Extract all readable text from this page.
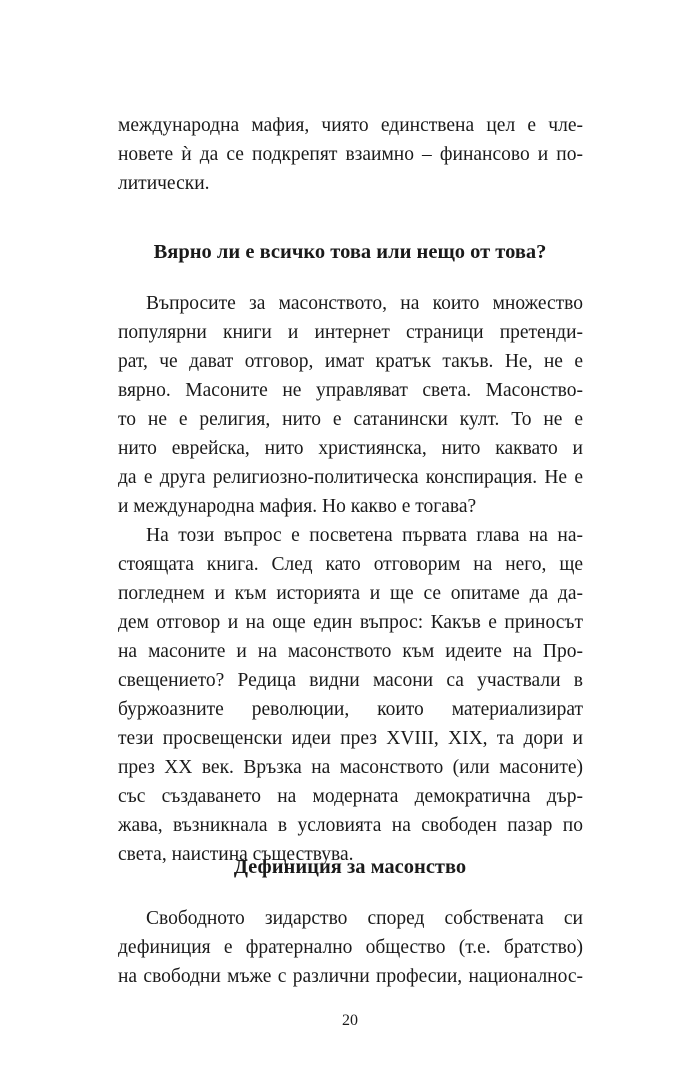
международна мафия, чиято единствена цел е чле-
новете ѝ да се подкрепят взаимно – финансово и по-
литически.
Вярно ли е всичко това или нещо от това?
Въпросите за масонството, на които множество
популярни книги и интернет страници претенди-
рат, че дават отговор, имат кратък такъв. Не, не е
вярно. Масоните не управляват света. Масонство-
то не е религия, нито е сатанински култ. То не е
нито еврейска, нито християнска, нито каквато и
да е друга религиозно-политическа конспирация. Не е
и международна мафия. Но какво е тогава?
На този въпрос е посветена първата глава на на-
стоящата книга. След като отговорим на него, ще
погледнем и към историята и ще се опитаме да да-
дем отговор и на още един въпрос: Какъв е приносът
на масоните и на масонството към идеите на Про-
свещението? Редица видни масони са участвали в
буржоазните революции, които материализират
тези просвещенски идеи през XVIII, XIX, та дори и
през XX век. Връзка на масонството (или масоните)
със създаването на модерната демократична дър-
жава, възникнала в условията на свободен пазар по
света, наистина съществува.
Дефиниция за масонство
Свободното зидарство според собствената си
дефиниция е фратернално общество (т.е. братство)
на свободни мъже с различни професии, националнос-
20
